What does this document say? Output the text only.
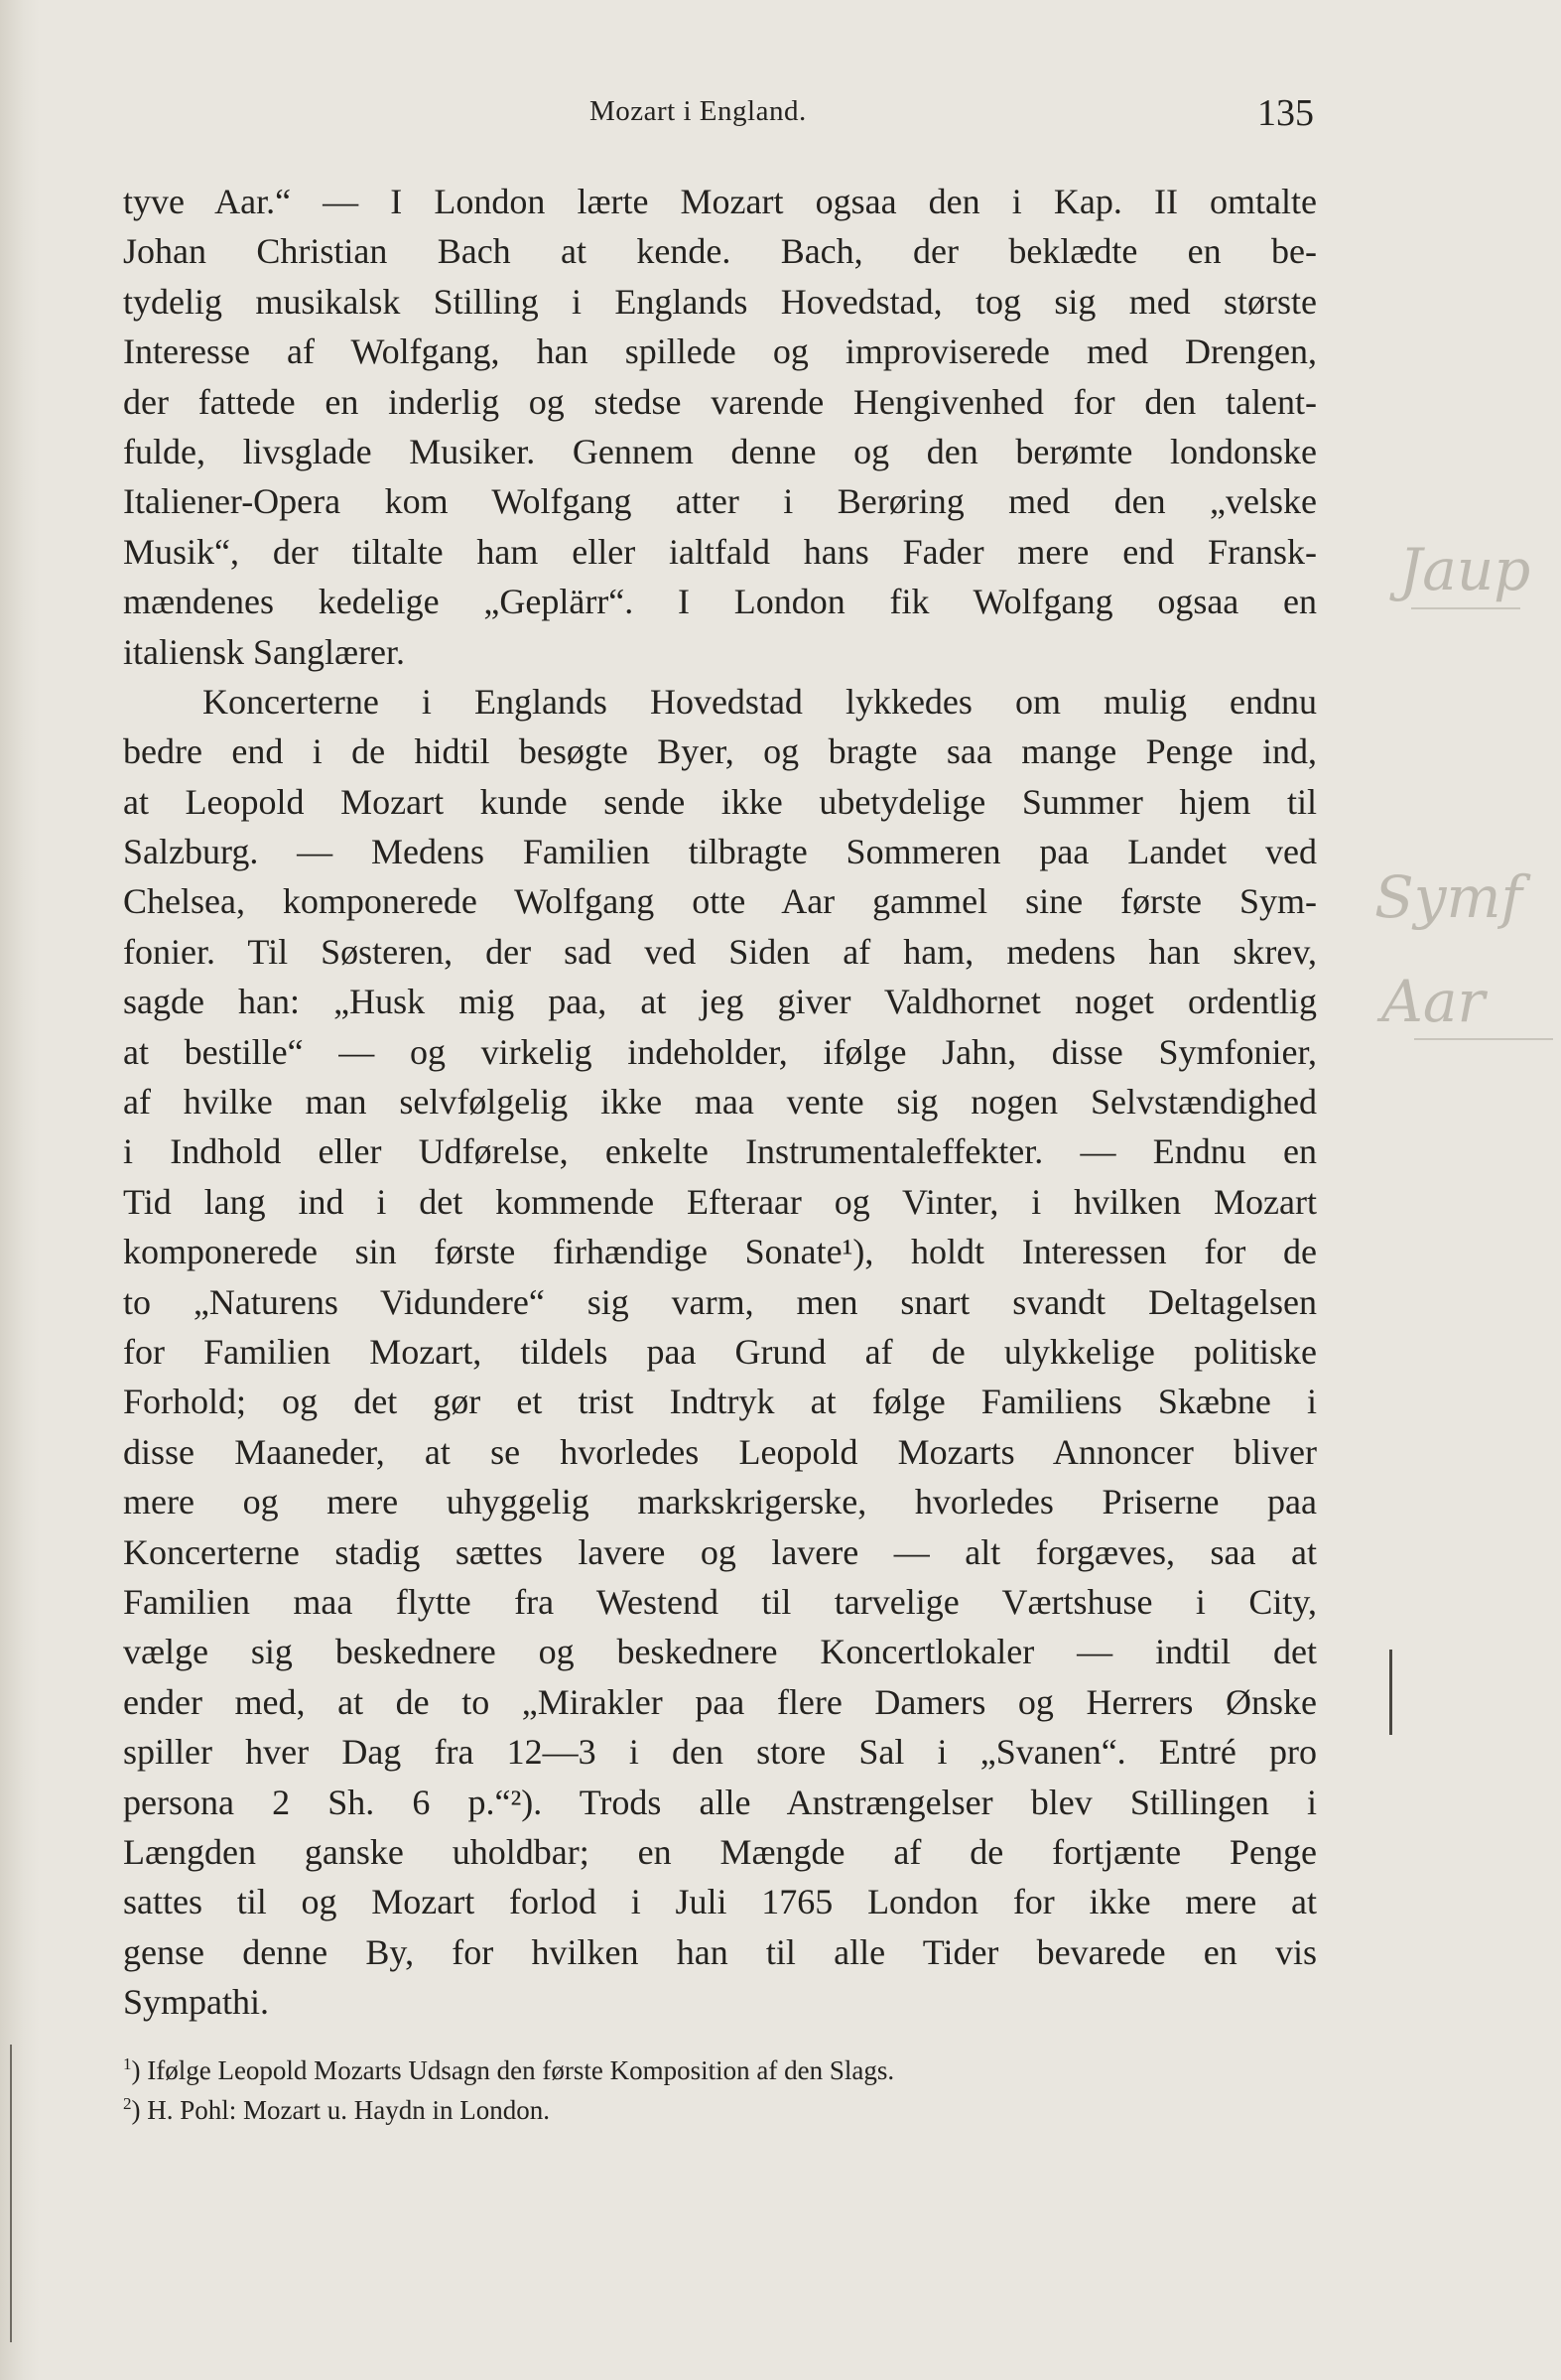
Mozart i England.	135
tyve Aar.“ — I London lærte Mozart ogsaa den i Kap. II omtalte
Johan Christian Bach at kende. Bach, der beklædte en be-
tydelig musikalsk Stilling i Englands Hovedstad, tog sig med største
Interesse af Wolfgang, han spillede og improviserede med Drengen,
der fattede en inderlig og stedse varende Hengivenhed for den talent-
fulde, livsglade Musiker. Gennem denne og den berømte londonske
Italiener-Opera kom Wolfgang atter i Berøring med den „velske
Musik“, der tiltalte ham eller ialtfald hans Fader mere end Fransk-
mændenes kedelige „Geplärr“. I London fik Wolfgang ogsaa en
italiensk Sanglærer.
Koncerterne i Englands Hovedstad lykkedes om mulig endnu
bedre end i de hidtil besøgte Byer, og bragte saa mange Penge ind,
at Leopold Mozart kunde sende ikke ubetydelige Summer hjem til
Salzburg. — Medens Familien tilbragte Sommeren paa Landet ved
Chelsea, komponerede Wolfgang otte Aar gammel sine første Sym-
fonier. Til Søsteren, der sad ved Siden af ham, medens han skrev,
sagde han: „Husk mig paa, at jeg giver Valdhornet noget ordentlig
at bestille“ — og virkelig indeholder, ifølge Jahn, disse Symfonier,
af hvilke man selvfølgelig ikke maa vente sig nogen Selvstændighed
i Indhold eller Udførelse, enkelte Instrumentaleffekter. — Endnu en
Tid lang ind i det kommende Efteraar og Vinter, i hvilken Mozart
komponerede sin første firhændige Sonate¹), holdt Interessen for de
to „Naturens Vidundere“ sig varm, men snart svandt Deltagelsen
for Familien Mozart, tildels paa Grund af de ulykkelige politiske
Forhold; og det gør et trist Indtryk at følge Familiens Skæbne i
disse Maaneder, at se hvorledes Leopold Mozarts Annoncer bliver
mere og mere uhyggelig markskrigerske, hvorledes Priserne paa
Koncerterne stadig sættes lavere og lavere — alt forgæves, saa at
Familien maa flytte fra Westend til tarvelige Værtshuse i City,
vælge sig beskednere og beskednere Koncertlokaler — indtil det
ender med, at de to „Mirakler paa flere Damers og Herrers Ønske
spiller hver Dag fra 12—3 i den store Sal i „Svanen“. Entré pro
persona 2 Sh. 6 p.“²). Trods alle Anstrængelser blev Stillingen i
Længden ganske uholdbar; en Mængde af de fortjænte Penge
sattes til og Mozart forlod i Juli 1765 London for ikke mere at
gense denne By, for hvilken han til alle Tider bevarede en vis
Sympathi.
$^1$) Ifølge Leopold Mozarts Udsagn den første Komposition af den Slags.
$^2$) H. Pohl: Mozart u. Haydn in London.
Jaup
Symf
Aar
